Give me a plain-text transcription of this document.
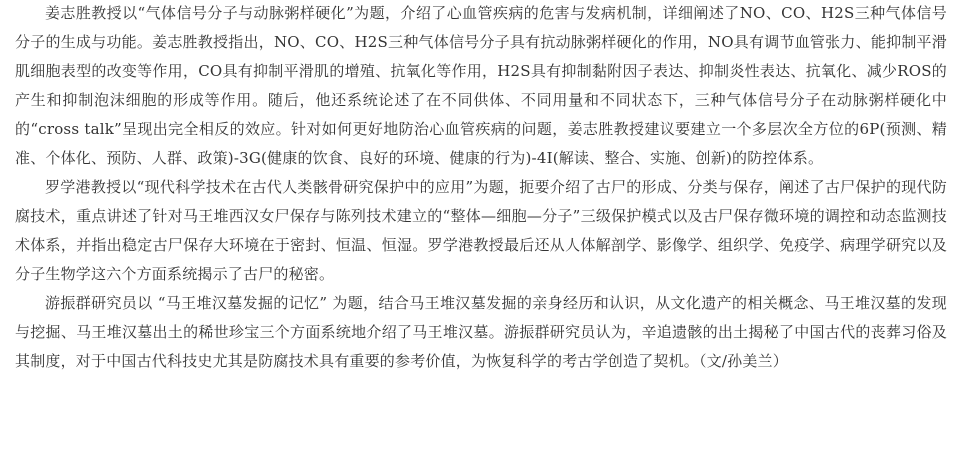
姜志胜教授以“气体信号分子与动脉粥样硬化”为题，介绍了心血管疾病的危害与发病机制，详细阐述了NO、CO、H2S三种气体信号分子的生成与功能。姜志胜教授指出，NO、CO、H2S三种气体信号分子具有抗动脉粥样硬化的作用，NO具有调节血管张力、能抑制平滑肌细胞表型的改变等作用，CO具有抑制平滑肌的增殖、抗氧化等作用，H2S具有抑制黏附因子表达、抑制炎性表达、抗氧化、减少ROS的产生和抑制泡沫细胞的形成等作用。随后，他还系统论述了在不同供体、不同用量和不同状态下，三种气体信号分子在动脉粥样硬化中的“cross talk”呈现出完全相反的效应。针对如何更好地防治心血管疾病的问题，姜志胜教授建议要建立一个多层次全方位的6P(预测、精准、个体化、预防、人群、政策)-3G(健康的饮食、良好的环境、健康的行为)-4I(解读、整合、实施、创新)的防控体系。

罗学港教授以“现代科学技术在古代人类骸骨研究保护中的应用”为题，扼要介绍了古尸的形成、分类与保存，阐述了古尸保护的现代防腐技术，重点讲述了针对马王堆西汉女尸保存与陈列技术建立的“整体—细胞—分子”三级保护模式以及古尸保存微环境的调控和动态监测技术体系，并指出稳定古尸保存大环境在于密封、恒温、恒湿。罗学港教授最后还从人体解剖学、影像学、组织学、免疫学、病理学研究以及分子生物学这六个方面系统揭示了古尸的秘密。

游振群研究员以 “马王堆汉墓发掘的记忆” 为题，结合马王堆汉墓发掘的亲身经历和认识，从文化遗产的相关概念、马王堆汉墓的发现与挖掘、马王堆汉墓出土的稀世珍宝三个方面系统地介绍了马王堆汉墓。游振群研究员认为，辛追遗骸的出土揭秘了中国古代的丧葬习俗及其制度，对于中国古代科技史尤其是防腐技术具有重要的参考价值，为恢复科学的考古学创造了契机。（文/孙美兰）
